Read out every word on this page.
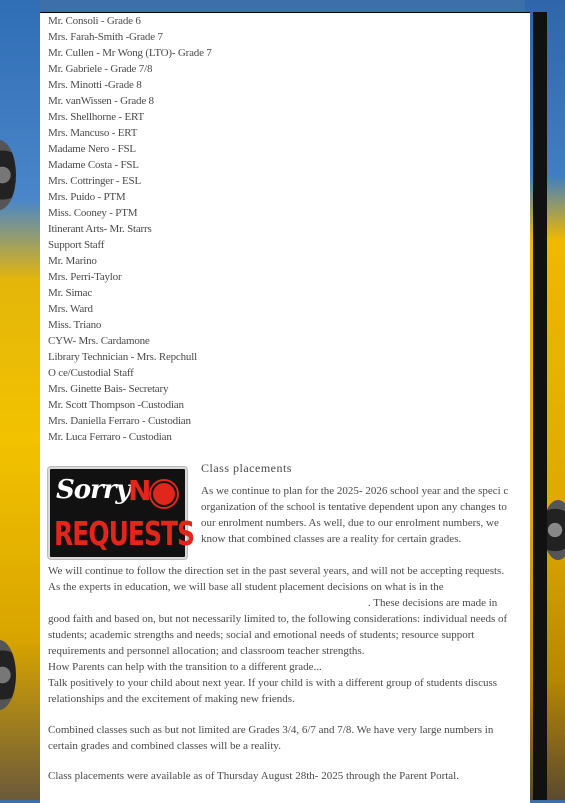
Mr. Consoli - Grade 6
Mrs. Farah-Smith -Grade 7
Mr. Cullen - Mr Wong (LTO)- Grade 7
Mr. Gabriele - Grade 7/8
Mrs. Minotti -Grade 8
Mr. vanWissen - Grade 8
Mrs. Shellhorne - ERT
Mrs. Mancuso - ERT
Madame Nero - FSL
Madame Costa - FSL
Mrs. Cottringer - ESL
Mrs. Puido - PTM
Miss. Cooney - PTM
Itinerant Arts- Mr. Starrs
Support Staff
Mr. Marino
Mrs. Perri-Taylor
Mr. Simac
Mrs. Ward
Miss. Triano
CYW- Mrs. Cardamone
Library Technician - Mrs. Repchull
O ce/Custodial Staff
Mrs. Ginette Bais- Secretary
Mr. Scott Thompson -Custodian
Mrs. Daniella Ferraro - Custodian
Mr. Luca Ferraro - Custodian
Sorry
N
REQUESTS
Class placements
As we continue to plan for the 2025- 2026 school year and the speci c organization of the school is tentative dependent upon any changes to our enrolment numbers. As well, due to our enrolment numbers, we know that combined classes are a reality for certain grades.
We will continue to follow the direction set in the past several years, and will not be accepting requests. As the experts in education, we will base all student placement decisions on what is in the. These decisions are made in good faith and based on, but not necessarily limited to, the following considerations: individual needs of students; academic strengths and needs; social and emotional needs of students; resource support requirements and personnel allocation; and classroom teacher strengths.

How Parents can help with the transition to a different grade...

Talk positively to your child about next year. If your child is with a different group of students discuss relationships and the excitement of making new friends.

Combined classes such as but not limited are Grades 3/4, 6/7 and 7/8. We have very large numbers in certain grades and combined classes will be a reality.
Class placements were available as of Thursday August 28th- 2025 through the Parent Portal.
